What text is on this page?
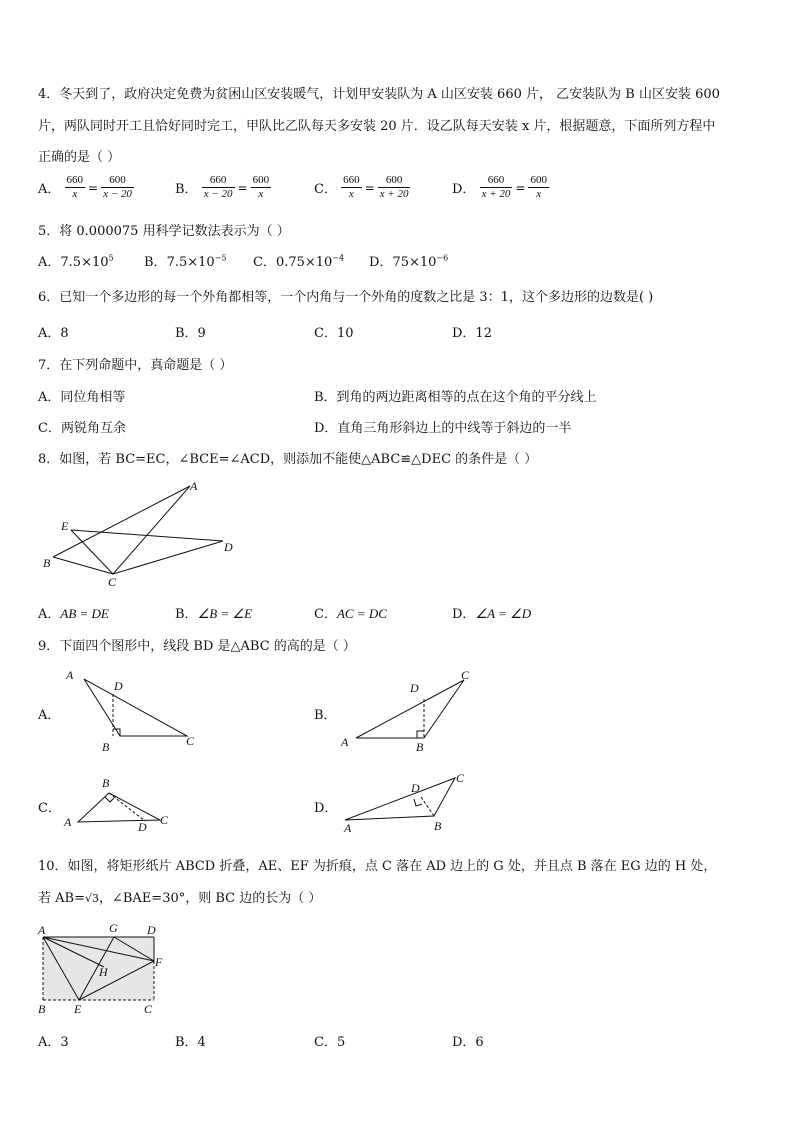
4．冬天到了，政府决定免费为贫困山区安装暖气，计划甲安装队为 A 山区安装 660 片， 乙安装队为 B 山区安装 600
片，两队同时开工且恰好同时完工，甲队比乙队每天多安装 20 片．设乙队每天安装 x 片，根据题意，下面所列方程中
正确的是（ ）
A． $\frac{660}{x} = \frac{600}{x - 20}$	B． $\frac{660}{x - 20} = \frac{600}{x}$	C． $\frac{660}{x} = \frac{600}{x + 20}$	D． $\frac{660}{x + 20} = \frac{600}{x}$
5．将 0.000075 用科学记数法表示为（ ）
A．$7.5\times 10^5$ B．$7.5\times 10^{-5}$ C．$0.75\times 10^{-4}$ D．$75\times 10^{-6}$
6．已知一个多边形的每一个外角都相等，一个内角与一个外角的度数之比是 3：1，这个多边形的边数是( )
A．8	B．9	C．10	D．12
7．在下列命题中，真命题是（ ）
A．同位角相等	B．到角的两边距离相等的点在这个角的平分线上
C．两锐角互余	D．直角三角形斜边上的中线等于斜边的一半
8．如图，若 BC=EC，∠BCE=∠ACD，则添加不能使△ABC≌△DEC 的条件是（ ）
A
E
D
B
C
A．AB = DE	B．∠B = ∠E	C．AC = DC	D．∠A = ∠D
9．下面四个图形中，线段 BD 是△ABC 的高的是（ ）
A．	B．
C．	D．
A
D
B	C	A
D
B
C
A
B
C
D	A
D
B
C
10．如图，将矩形纸片 ABCD 折叠，AE、EF 为折痕，点 C 落在 AD 边上的 G 处，并且点 B 落在 EG 边的 H 处，
若 AB=√3，∠BAE=30°，则 BC 边的长为（ ）
A	G D
H
F
B E	C
A．3	B．4	C．5	D．6
